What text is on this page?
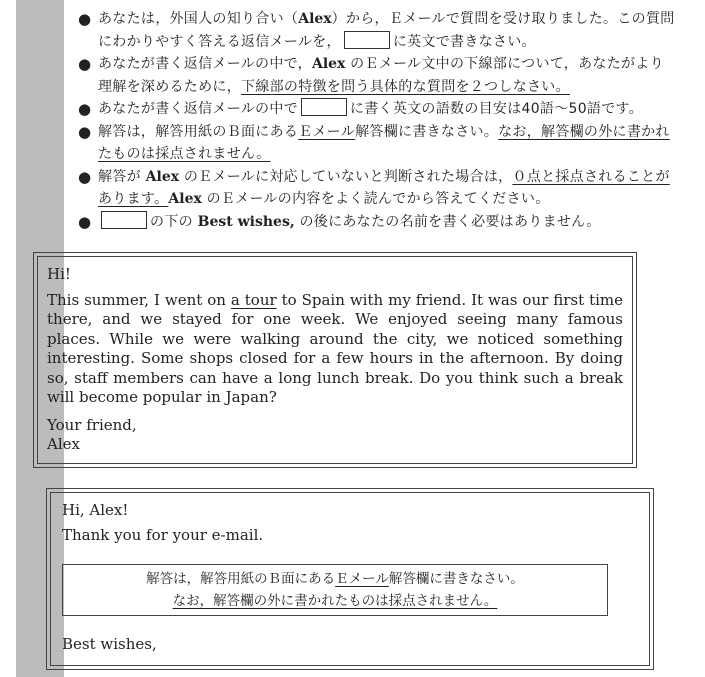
● あなたは，外国人の知り合い（Alex）から，Ｅメールで質問を受け取りました。この質問にわかりやすく答える返信メールを，	に英文で書きなさい。
● あなたが書く返信メールの中で，Alex のＥメール文中の下線部について，あなたがより理解を深めるために，下線部の特徴を問う具体的な質問を２つしなさい。
● あなたが書く返信メールの中で	に書く英文の語数の目安は40語～50語です。
● 解答は，解答用紙のＢ面にあるＥメール解答欄に書きなさい。なお，解答欄の外に書かれたものは採点されません。
● 解答が Alex のＥメールに対応していないと判断された場合は，０点と採点されることがあります。Alex のＥメールの内容をよく読んでから答えてください。
●	の下の Best wishes, の後にあなたの名前を書く必要はありません。

Hi!

This summer, I went on a tour to Spain with my friend. It was our first time there, and we stayed for one week. We enjoyed seeing many famous places. While we were walking around the city, we noticed something interesting. Some shops closed for a few hours in the afternoon. By doing so, staff members can have a long lunch break. Do you think such a break will become popular in Japan?

Your friend,

Alex

Hi, Alex!

Thank you for your e-mail.

解答は，解答用紙のＢ面にあるＥメール解答欄に書きなさい。
なお，解答欄の外に書かれたものは採点されません。

Best wishes,
